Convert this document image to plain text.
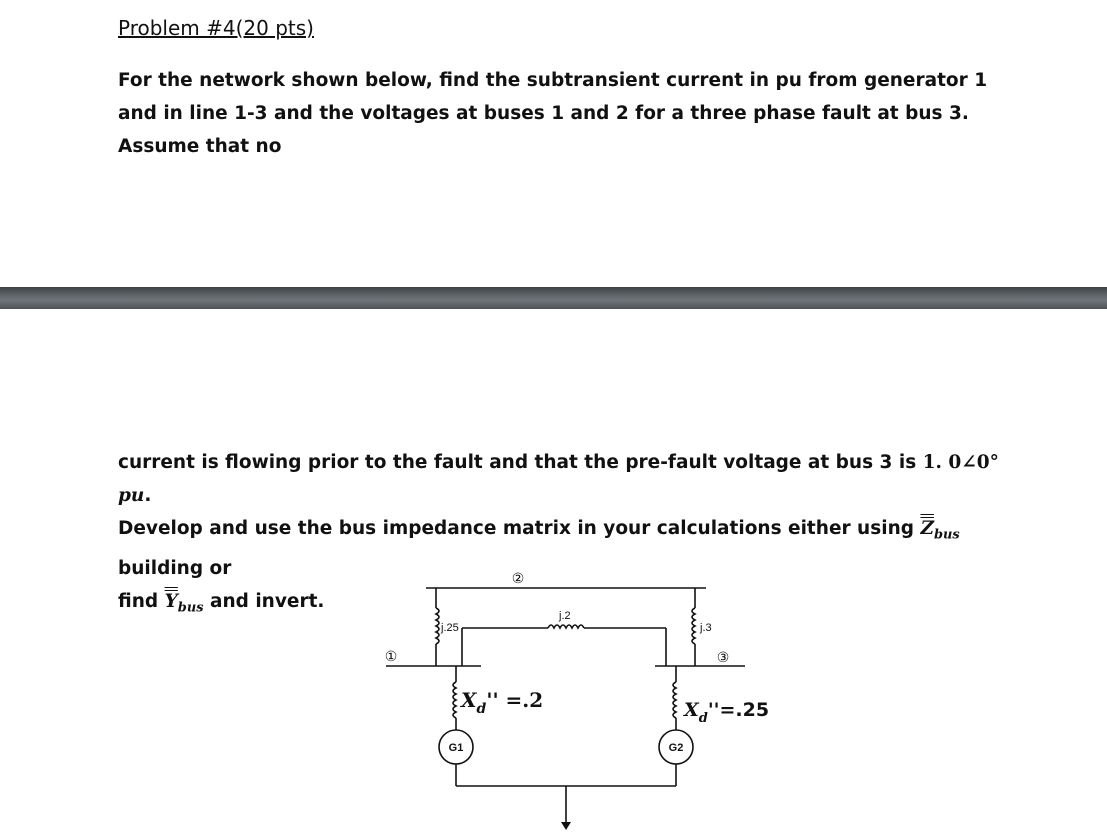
Problem #4(20 pts)
For the network shown below, find the subtransient current in pu from generator 1 and in line 1-3 and the voltages at buses 1 and 2 for a three phase fault at bus 3. Assume that no
current is flowing prior to the fault and that the pre-fault voltage at bus 3 is 1. 0∠0° pu.
Develop and use the bus impedance matrix in your calculations either using $Z_{bus}$ building or
find $Y_{bus}$ and invert.
②
①	③
j.25
j.2
j.3
G1	G2
$X_d'' =.2$	$X_d''=.25$
